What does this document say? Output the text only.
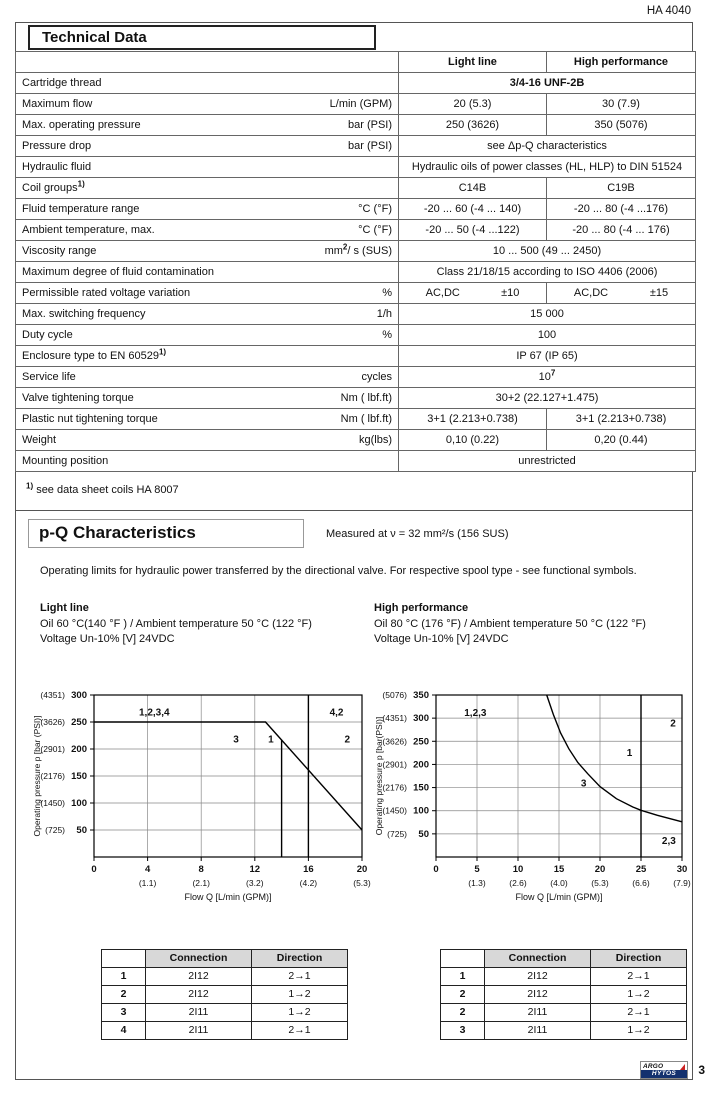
HA 4040
Technical Data
	Light line	High performance

Cartridge thread	3/4-16 UNF-2B	

Maximum flow L/min (GPM)	20 (5.3)	30 (7.9)

Max. operating pressure bar (PSI)	250 (3626)	350 (5076)

Pressure drop bar (PSI)	see Δp-Q characteristics	

Hydraulic fluid	Hydraulic oils of power classes (HL, HLP) to DIN 51524	

Coil groups$^{1)}$	C14B	C19B

Fluid temperature range °C (°F)	-20 ... 60 (-4 ... 140)	-20 ... 80 (-4 ...176)

Ambient temperature, max. °C (°F)	-20 ... 50 (-4 ...122)	-20 ... 80 (-4 ... 176)

Viscosity range $mm^2/$ s (SUS)	10 ... 500 (49 ... 2450)	

Maximum degree of fluid contamination	Class 21/18/15 according to ISO 4406 (2006)	

Permissible rated voltage variation %	AC,DC ±10	AC,DC ±15

Max. switching frequency 1/h	15 000	

Duty cycle %	100	

Enclosure type to EN 60529$^{1)}$	IP 67 (IP 65)	

Service life cycles	$10^7$

Valve tightening torque Nm ( lbf.ft)	30+2 (22.127+1.475)	

Plastic nut tightening torque Nm ( lbf.ft)	3+1 (2.213+0.738)	3+1 (2.213+0.738)

Weight kg(lbs)	0,10 (0.22)	0,20 (0.44)

Mounting position	unrestricted	
$^{1)}$ see data sheet coils HA 8007
p-Q Characteristics	Measured at ν = 32 mm²/s (156 SUS)
Operating limits for hydraulic power transferred by the directional valve. For respective spool type - see functional symbols.
Light line
Oil 60 °C(140 °F ) / Ambient temperature 50 °C (122 °F)
Voltage Un-10% [V] 24VDC
High performance
Oil 80 °C (176 °F) / Ambient temperature 50 °C (122 °F)
Voltage Un-10% [V] 24VDC
0	4
(1.1)
8
(2.1)
12
(3.2)
16
(4.2)
20
(5.3)
50
(725)
100
(1450)
150
(2176)
200
(2901)
250
(3626)
300
(4351)
Flow Q [L/min (GPM)]
Operating pressure p [bar (PSI)]
1,2,3,4	4,2
3	1	2
0	5
(1.3)
10
(2.6)
15
(4.0)
20
(5.3)
25
(6.6)
30
(7.9)
50
(725)
100
(1450)
150
(2176)
200
(2901)
250
(3626)
300
(4351)
350
(5076)
Flow Q [L/min (GPM)]
Operating pressure p [bar(PSI)]
1,2,3
2
3
1
2,3
	Connection	Direction
1	2I12	2→1
2	2I12	1→2
3	2I11	1→2
4	2I11	2→1
	Connection	Direction
1	2I12	2→1
2	2I12	1→2
2	2I11	2→1
3	2I11	1→2
ARGO
HYTOS	3
